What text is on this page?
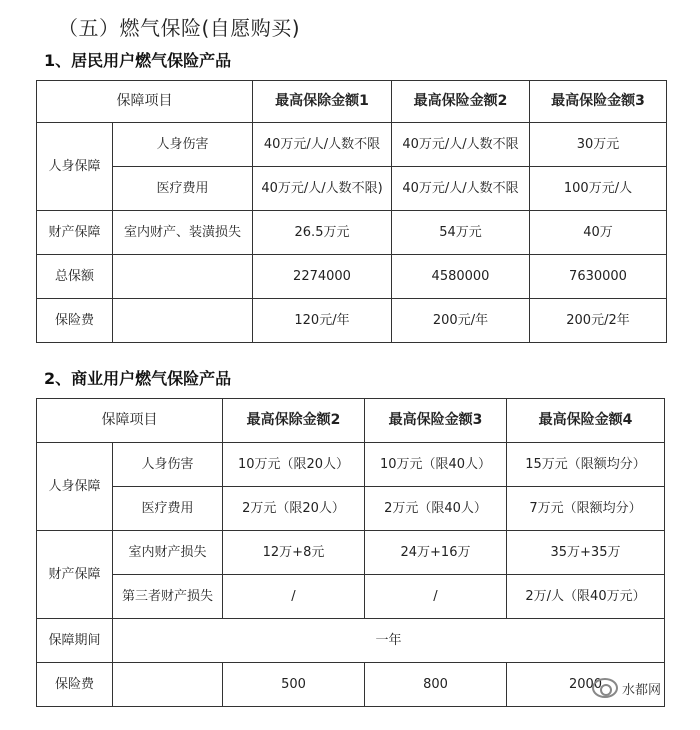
（五）燃气保险(自愿购买)
1、居民用户燃气保险产品
保障项目		最高保除金额1	最高保险金额2	最高保险金额3
人身保障	人身伤害	40万元/人/人数不限	40万元/人/人数不限	30万元
	医疗费用	40万元/人/人数不限)	40万元/人/人数不限	100万元/人
财产保障	室内财产、装潢损失	26.5万元	54万元	40万
总保额		2274000	4580000	7630000
保险费		120元/年	200元/年	200元/2年
2、商业用户燃气保险产品
保障项目		最高保除金额2	最高保险金额3	最高保险金额4
人身保障	人身伤害	10万元（限20人）	10万元（限40人）	15万元（限额均分）
	医疗费用	2万元（限20人）	2万元（限40人）	7万元（限额均分）
财产保障	室内财产损失	12万+8元	24万+16万	35万+35万
	第三者财产损失	/	/	2万/人（限40万元）
保障期间	一年			
保险费		500	800	2000 水都网
